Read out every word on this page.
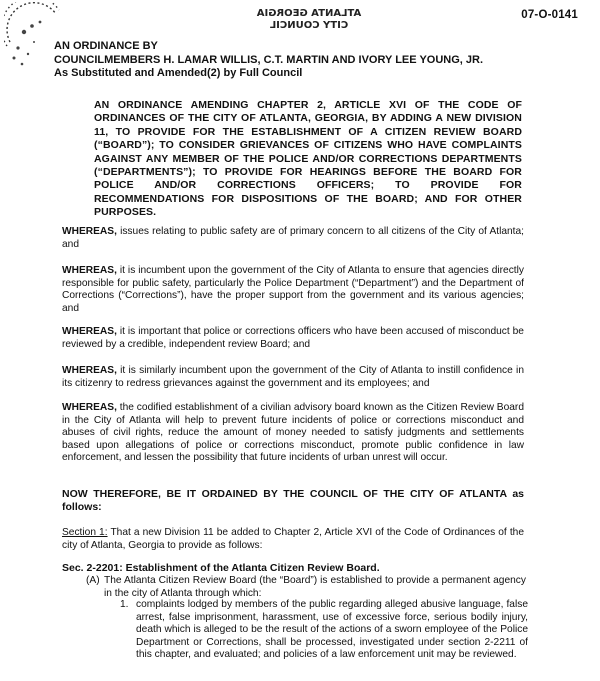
ATLANTA GEORGIA
CITY COUNCIL
07-O-0141
AN ORDINANCE BY
COUNCILMEMBERS H. LAMAR WILLIS, C.T. MARTIN AND IVORY LEE YOUNG, JR.
As Substituted and Amended(2) by Full Council
AN ORDINANCE AMENDING CHAPTER 2, ARTICLE XVI OF THE CODE OF ORDINANCES OF THE CITY OF ATLANTA, GEORGIA, BY ADDING A NEW DIVISION 11, TO PROVIDE FOR THE ESTABLISHMENT OF A CITIZEN REVIEW BOARD (“BOARD”); TO CONSIDER GRIEVANCES OF CITIZENS WHO HAVE COMPLAINTS AGAINST ANY MEMBER OF THE POLICE AND/OR CORRECTIONS DEPARTMENTS (“DEPARTMENTS”); TO PROVIDE FOR HEARINGS BEFORE THE BOARD FOR POLICE AND/OR CORRECTIONS OFFICERS; TO PROVIDE FOR RECOMMENDATIONS FOR DISPOSITIONS OF THE BOARD; AND FOR OTHER PURPOSES.
WHEREAS, issues relating to public safety are of primary concern to all citizens of the City of Atlanta; and
WHEREAS, it is incumbent upon the government of the City of Atlanta to ensure that agencies directly responsible for public safety, particularly the Police Department (“Department”) and the Department of Corrections (“Corrections”), have the proper support from the government and its various agencies; and
WHEREAS, it is important that police or corrections officers who have been accused of misconduct be reviewed by a credible, independent review Board; and
WHEREAS, it is similarly incumbent upon the government of the City of Atlanta to instill confidence in its citizenry to redress grievances against the government and its employees; and
WHEREAS, the codified establishment of a civilian advisory board known as the Citizen Review Board in the City of Atlanta will help to prevent future incidents of police or corrections misconduct and abuses of civil rights, reduce the amount of money needed to satisfy judgments and settlements based upon allegations of police or corrections misconduct, promote public confidence in law enforcement, and lessen the possibility that future incidents of urban unrest will occur.
NOW THEREFORE, BE IT ORDAINED BY THE COUNCIL OF THE CITY OF ATLANTA as follows:
Section 1: That a new Division 11 be added to Chapter 2, Article XVI of the Code of Ordinances of the city of Atlanta, Georgia to provide as follows:
Sec. 2-2201: Establishment of the Atlanta Citizen Review Board.
(A) The Atlanta Citizen Review Board (the “Board”) is established to provide a permanent agency in the city of Atlanta through which:
1. complaints lodged by members of the public regarding alleged abusive language, false arrest, false imprisonment, harassment, use of excessive force, serious bodily injury, death which is alleged to be the result of the actions of a sworn employee of the Police Department or Corrections, shall be processed, investigated under section 2-2211 of this chapter, and evaluated; and policies of a law enforcement unit may be reviewed.
